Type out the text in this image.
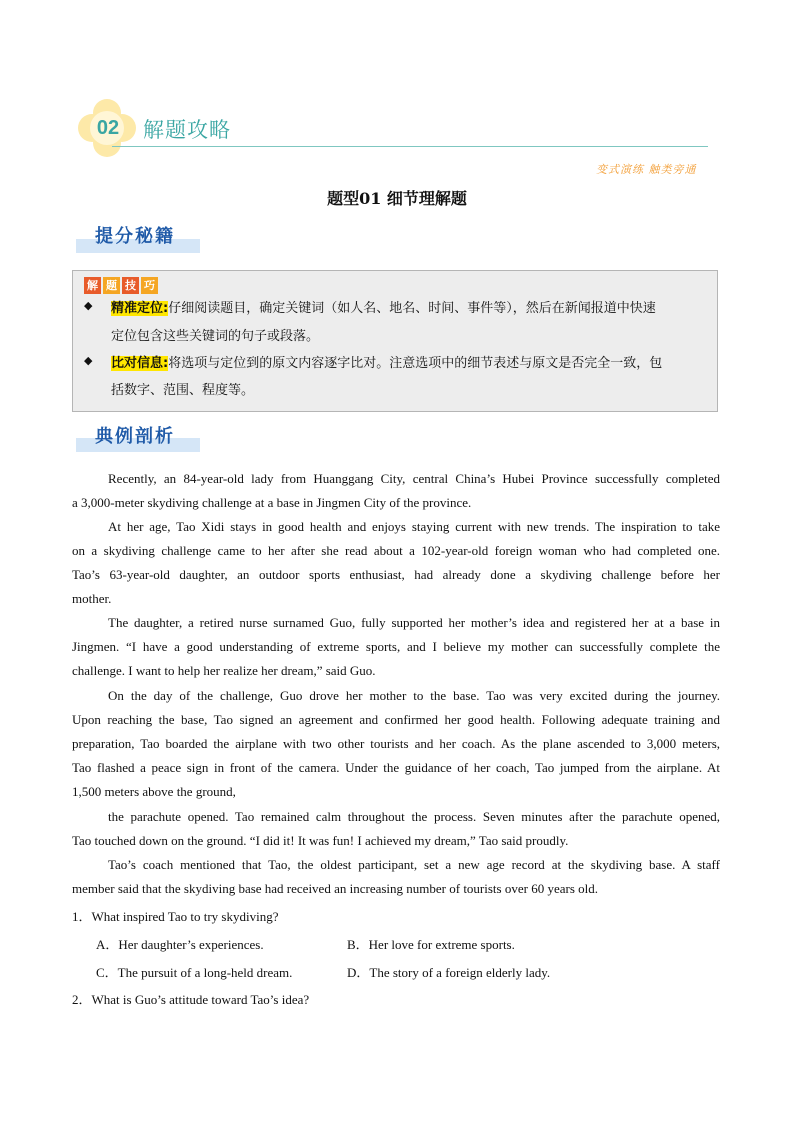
02	解题攻略
变式演练 触类旁通
题型01 细节理解题
提分秘籍
解 题 技 巧
◆ 精准定位:仔细阅读题目，确定关键词（如人名、地名、时间、事件等），然后在新闻报道中快速
定位包含这些关键词的句子或段落。
◆ 比对信息:将选项与定位到的原文内容逐字比对。注意选项中的细节表述与原文是否完全一致，包
括数字、范围、程度等。
典例剖析
Recently, an 84-year-old lady from Huanggang City, central China’s Hubei Province successfully completed
a 3,000-meter skydiving challenge at a base in Jingmen City of the province.
At her age, Tao Xidi stays in good health and enjoys staying current with new trends. The inspiration to take
on a skydiving challenge came to her after she read about a 102-year-old foreign woman who had completed one.
Tao’s 63-year-old daughter, an outdoor sports enthusiast, had already done a skydiving challenge before her
mother.
The daughter, a retired nurse surnamed Guo, fully supported her mother’s idea and registered her at a base in
Jingmen. “I have a good understanding of extreme sports, and I believe my mother can successfully complete the
challenge. I want to help her realize her dream,” said Guo.
On the day of the challenge, Guo drove her mother to the base. Tao was very excited during the journey.
Upon reaching the base, Tao signed an agreement and confirmed her good health. Following adequate training and
preparation, Tao boarded the airplane with two other tourists and her coach. As the plane ascended to 3,000 meters,
Tao flashed a peace sign in front of the camera. Under the guidance of her coach, Tao jumped from the airplane. At
1,500 meters above the ground,
the parachute opened. Tao remained calm throughout the process. Seven minutes after the parachute opened,
Tao touched down on the ground. “I did it! It was fun! I achieved my dream,” Tao said proudly.
Tao’s coach mentioned that Tao, the oldest participant, set a new age record at the skydiving base. A staff
member said that the skydiving base had received an increasing number of tourists over 60 years old.
1．What inspired Tao to try skydiving?
A．Her daughter’s experiences.	B．Her love for extreme sports.
C．The pursuit of a long-held dream.	D．The story of a foreign elderly lady.
2．What is Guo’s attitude toward Tao’s idea?
